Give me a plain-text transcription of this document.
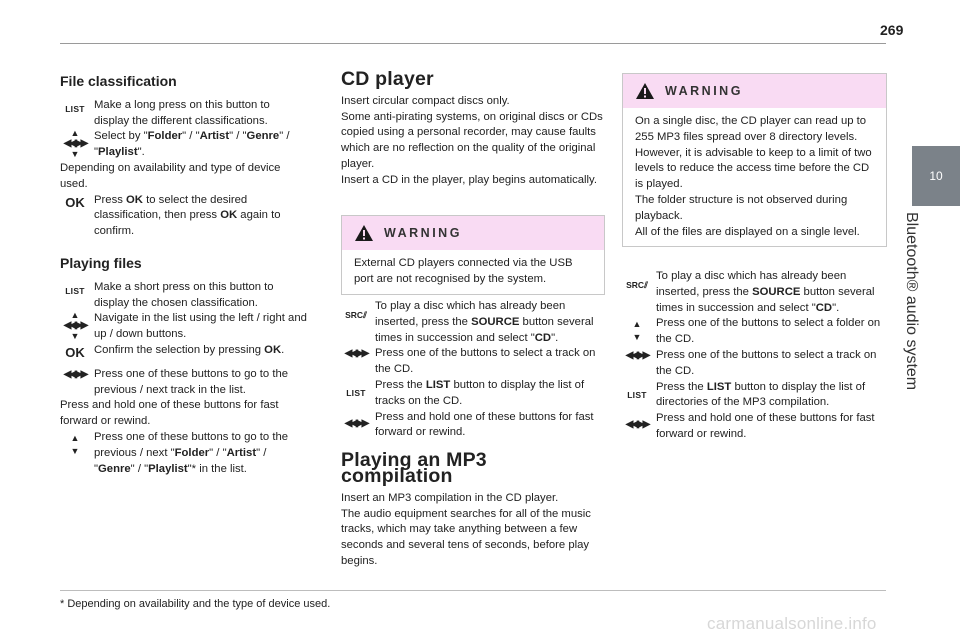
269
10
Bluetooth® audio system
File classification
LIST Make a long press on this button to display the different classifications.
▲
◀◀▶▶
▼
Select by "Folder" / "Artist" / "Genre" / "Playlist".

Depending on availability and type of device used.

OK Press OK to select the desired classification, then press OK again to confirm.
Playing files
LIST Make a short press on this button to display the chosen classification.
▲
◀◀▶▶
▼
Navigate in the list using the left / right and up / down buttons.
OK Confirm the selection by pressing OK.
◀◀▶▶ Press one of these buttons to go to the previous / next track in the list.

Press and hold one of these buttons for fast forward or rewind.

▲
▼
Press one of these buttons to go to the previous / next "Folder" / "Artist" / "Genre" / "Playlist"* in the list.
CD player

Insert circular compact discs only.

Some anti-pirating systems, on original discs or CDs copied using a personal recorder, may cause faults which are no reflection on the quality of the original player.

Insert a CD in the player, play begins automatically.

WARNING
External CD players connected via the USB port are not recognised by the system.
SRC⫽
To play a disc which has already been inserted, press the SOURCE button several times in succession and select "CD".
◀◀▶▶ Press one of the buttons to select a track on the CD.
LIST
Press the LIST button to display the list of tracks on the CD.
◀◀▶▶
Press and hold one of these buttons for fast forward or rewind.
Playing an MP3 compilation

Insert an MP3 compilation in the CD player.

The audio equipment searches for all of the music tracks, which may take anything between a few seconds and several tens of seconds, before play begins.

WARNING
On a single disc, the CD player can read up to 255 MP3 files spread over 8 directory levels.
However, it is advisable to keep to a limit of two levels to reduce the access time before the CD is played.
The folder structure is not observed during playback.
All of the files are displayed on a single level.
SRC⫽
To play a disc which has already been inserted, press the SOURCE button several times in succession and select "CD".
▲
▼
Press one of the buttons to select a folder on the CD.
◀◀▶▶ Press one of the buttons to select a track on the CD.
LIST
Press the LIST button to display the list of directories of the MP3 compilation.
◀◀▶▶
Press and hold one of these buttons for fast forward or rewind.
* Depending on availability and the type of device used.
carmanualsonline.info
